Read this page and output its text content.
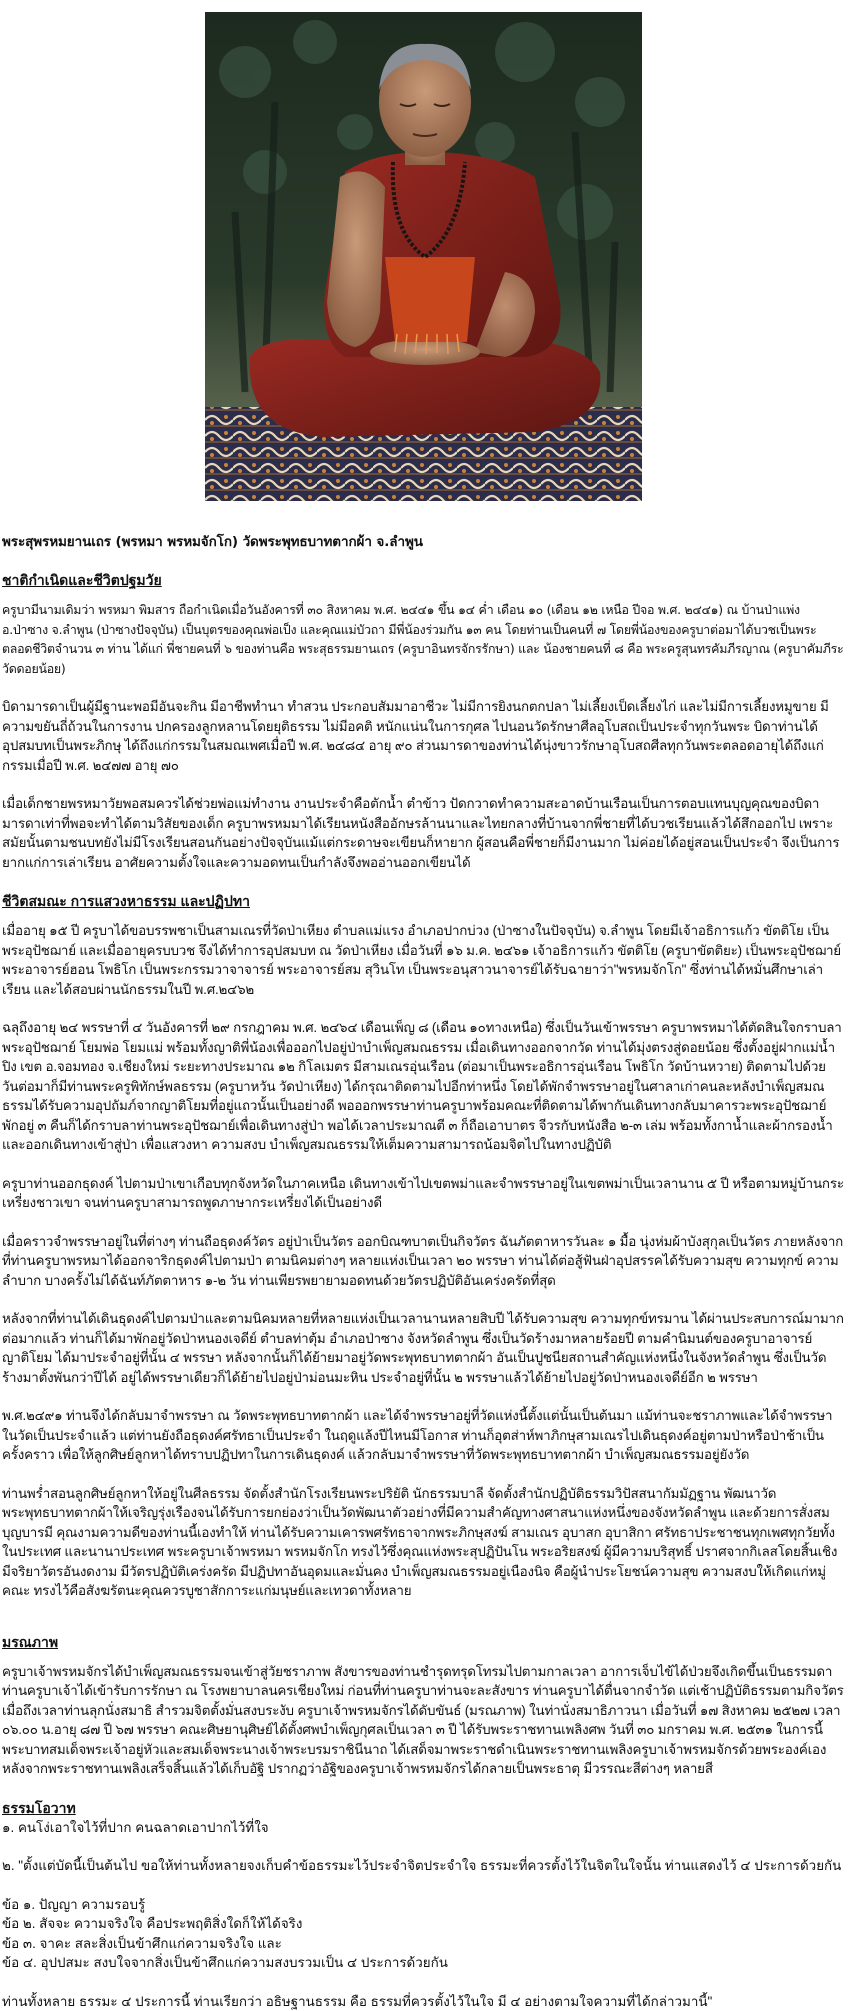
พระสุพรหมยานเถร (พรหมา พรหมจักโก) วัดพระพุทธบาทตากผ้า จ.ลำพูน
ชาติกำเนิดและชีวิตปฐมวัย

ครูบามีนามเดิมว่า พรหมา พิมสาร ถือกำเนิดเมื่อวันอังคารที่ ๓๐ สิงหาคม พ.ศ. ๒๔๔๑ ขึ้น ๑๔ ค่ำ เดือน ๑๐ (เดือน ๑๒ เหนือ ปีจอ พ.ศ. ๒๔๔๑) ณ บ้านป่าแพ่ง อ.ป่าซาง จ.ลำพูน (ป่าซางปัจจุบัน) เป็นบุตรของคุณพ่อเป็ง และคุณแม่บัวถา มีพี่น้องร่วมกัน ๑๓ คน โดยท่านเป็นคนที่ ๗ โดยพี่น้องของครูบาต่อมาได้บวชเป็นพระตลอดชีวิตจำนวน ๓ ท่าน ได้แก่ พี่ชายคนที่ ๖ ของท่านคือ พระสุธรรมยานเถร (ครูบาอินทรจักรรักษา) และ น้องชายคนที่ ๘ คือ พระครูสุนทรคัมภีรญาณ (ครูบาคัมภีระ วัดดอยน้อย)

บิดามารดาเป็นผู้มีฐานะพอมีอันจะกิน มีอาชีพทำนา ทำสวน ประกอบสัมมาอาชีวะ ไม่มีการยิงนกตกปลา ไม่เลี้ยงเป็ดเลี้ยงไก่ และไม่มีการเลี้ยงหมูขาย มีความขยันถี่ถ้วนในการงาน ปกครองลูกหลานโดยยุติธรรม ไม่มีอคติ หนักแน่นในการกุศล ไปนอนวัดรักษาศีลอุโบสถเป็นประจำทุกวันพระ บิดาท่านได้อุปสมบทเป็นพระภิกษุ ได้ถึงแก่กรรมในสมณเพศเมื่อปี พ.ศ. ๒๔๘๔ อายุ ๙๐ ส่วนมารดาของท่านได้นุ่งขาวรักษาอุโบสถศีลทุกวันพระตลอดอายุได้ถึงแก่กรรมเมื่อปี พ.ศ. ๒๔๗๗ อายุ ๗๐

เมื่อเด็กชายพรหมาวัยพอสมควรได้ช่วยพ่อแม่ทำงาน งานประจำคือตักน้ำ ตำข้าว ปัดกวาดทำความสะอาดบ้านเรือนเป็นการตอบแทนบุญคุณของบิดามารดาเท่าที่พอจะทำได้ตามวิสัยของเด็ก ครูบาพรหมมาได้เรียนหนังสืออักษรล้านนาและไทยกลางที่บ้านจากพี่ชายที่ได้บวชเรียนแล้วได้สึกออกไป เพราะสมัยนั้นตามชนบทยังไม่มีโรงเรียนสอนกันอย่างปัจจุบันแม้แต่กระดาษจะเขียนก็หายาก ผู้สอนคือพี่ชายก็มีงานมาก ไม่ค่อยได้อยู่สอนเป็นประจำ จึงเป็นการยากแก่การเล่าเรียน อาศัยความตั้งใจและความอดทนเป็นกำลังจึงพออ่านออกเขียนได้

ชีวิตสมณะ การแสวงหาธรรม และปฏิปทา

เมื่ออายุ ๑๕ ปี ครูบาได้ขอบรรพชาเป็นสามเณรที่วัดป่าเหียง ตำบลแม่แรง อำเภอปากบ่วง (ป่าซางในปัจจุบัน) จ.ลำพูน โดยมีเจ้าอธิการแก้ว ขัตติโย เป็นพระอุปัชฌาย์ และเมื่ออายุครบบวช จึงได้ทำการอุปสมบท ณ วัดป่าเหียง เมื่อวันที่ ๑๖ ม.ค. ๒๔๖๑ เจ้าอธิการแก้ว ขัตติโย (ครูบาขัตติยะ) เป็นพระอุปัชฌาย์ พระอาจารย์ฮอน โพธิโก เป็นพระกรรมวาจาจารย์ พระอาจารย์สม สุวินโท เป็นพระอนุสาวนาจารย์ได้รับฉายาว่า"พรหมจักโก" ซึ่งท่านได้หมั่นศึกษาเล่าเรียน และได้สอบผ่านนักธรรมในปี พ.ศ.๒๔๖๒

ฉลุถึงอายุ ๒๔ พรรษาที่ ๔ วันอังคารที่ ๒๙ กรกฎาคม พ.ศ. ๒๔๖๔ เดือนเพ็ญ ๘ (เดือน ๑๐ทางเหนือ) ซึ่งเป็นวันเข้าพรรษา ครูบาพรหมาได้ตัดสินใจกราบลาพระอุปัชฌาย์ โยมพ่อ โยมแม่ พร้อมทั้งญาติพี่น้องเพื่อออกไปอยู่ป่าบำเพ็ญสมณธรรม เมื่อเดินทางออกจากวัด ท่านได้มุ่งตรงสู่ดอยน้อย ซึ่งตั้งอยู่ฝากแม่น้ำปิง เขต อ.จอมทอง จ.เชียงใหม่ ระยะทางประมาณ ๑๒ กิโลเมตร มีสามเณรอุ่นเรือน (ต่อมาเป็นพระอธิการอุ่นเรือน โพธิโก วัดบ้านหวาย) ติดตามไปด้วย วันต่อมาก็มีท่านพระครูพิทักษ์พลธรรม (ครูบาหวัน วัดป่าเหียง) ได้กรุณาติดตามไปอีกท่าหนึ่ง โดยได้พักจำพรรษาอยู่ในศาลาเก่าคนละหลังบำเพ็ญสมณธรรมได้รับความอุปถัมภ์จากญาติโยมที่อยู่แถวนั้นเป็นอย่างดี พอออกพรรษาท่านครูบาพร้อมคณะที่ติดตามได้พากันเดินทางกลับมาคารวะพระอุปัชฌาย์ พักอยู่ ๓ คืนก็ได้กราบลาท่านพระอุปัชฌาย์เพื่อเดินทางสู่ป่า พอได้เวลาประมาณตี ๓ ก็ถือเอาบาตร จีวรกับหนังสือ ๒-๓ เล่ม พร้อมทั้งกาน้ำและผ้ากรองน้ำและออกเดินทางเข้าสู่ป่า เพื่อแสวงหา ความสงบ บำเพ็ญสมณธรรมให้เต็มความสามารถน้อมจิตไปในทางปฏิบัติ

ครูบาท่านออกธุดงค์ ไปตามป่าเขาเกือบทุกจังหวัดในภาคเหนือ เดินทางเข้าไปเขตพม่าและจำพรรษาอยู่ในเขตพม่าเป็นเวลานาน ๕ ปี หรือตามหมู่บ้านกระเหรี่ยงชาวเขา จนท่านครูบาสามารถพูดภาษากระเหรี่ยงได้เป็นอย่างดี

เมื่อคราวจำพรรษาอยู่ในที่ต่างๆ ท่านถือธุดงค์วัตร อยู่ป่าเป็นวัตร ออกบิณฑบาตเป็นกิจวัตร ฉันภัตตาหารวันละ ๑ มื้อ นุ่งห่มผ้าบังสุกุลเป็นวัตร ภายหลังจากที่ท่านครูบาพรหมาได้ออกจาริกธุดงค์ไปตามป่า ตามนิคมต่างๆ หลายแห่งเป็นเวลา ๒๐ พรรษา ท่านได้ต่อสู้ฟันฝ่าอุปสรรคได้รับความสุข ความทุกข์ ความลำบาก บางครั้งไม่ได้ฉันท์ภัตตาหาร ๑-๒ วัน ท่านเพียรพยายามอดทนด้วยวัตรปฏิบัติอันเคร่งครัดที่สุด

หลังจากที่ท่านได้เดินธุดงค์ไปตามป่าและตามนิคมหลายที่หลายแห่งเป็นเวลานานหลายสิบปี ได้รับความสุข ความทุกข์ทรมาน ได้ผ่านประสบการณ์มามากต่อมากแล้ว ท่านก็ได้มาพักอยู่วัดป่าหนองเจดีย์ ตำบลท่าตุ้ม อำเภอป่าซาง จังหวัดลำพูน ซึ่งเป็นวัดร้างมาหลายร้อยปี ตามคำนิมนต์ของครูบาอาจารย์ญาติโยม ได้มาประจำอยู่ที่นั้น ๔ พรรษา หลังจากนั้นก็ได้ย้ายมาอยู่วัดพระพุทธบาทตากผ้า อันเป็นปูชนียสถานสำคัญแห่งหนึ่งในจังหวัดลำพูน ซึ่งเป็นวัดร้างมาตั้งพันกว่าปีได้ อยู่ได้พรรษาเดียวก็ได้ย้ายไปอยู่ป่าม่อนมะหิน ประจำอยู่ที่นั้น ๒ พรรษาแล้วได้ย้ายไปอยู่วัดป่าหนองเจดีย์อีก ๒ พรรษา

พ.ศ.๒๔๙๑ ท่านจึงได้กลับมาจำพรรษา ณ วัดพระพุทธบาทตากผ้า และได้จำพรรษาอยู่ที่วัดแห่งนี้ตั้งแต่นั้นเป็นต้นมา แม้ท่านจะชราภาพและได้จำพรรษาในวัดเป็นประจำแล้ว แต่ท่านยังถือธุดงค์ศรัทธาเป็นประจำ ในฤดูแล้งปีไหนมีโอกาส ท่านก็อุตส่าห์พาภิกษุสามเณรไปเดินธุดงค์อยู่ตามป่าหรือป่าช้าเป็นครั้งคราว เพื่อให้ลูกศิษย์ลูกหาได้ทราบปฏิปทาในการเดินธุดงค์ แล้วกลับมาจำพรรษาที่วัดพระพุทธบาทตากผ้า บำเพ็ญสมณธรรมอยู่ยังวัด

ท่านพร่ำสอนลูกศิษย์ลูกหาให้อยู่ในศีลธรรม จัดตั้งสำนักโรงเรียนพระปริยัติ นักธรรมบาลี จัดตั้งสำนักปฏิบัติธรรมวิปัสสนากัมมัฏฐาน พัฒนาวัดพระพุทธบาทตากผ้าให้เจริญรุ่งเรืองจนได้รับการยกย่องว่าเป็นวัดพัฒนาตัวอย่างที่มีความสำคัญทางศาสนาแห่งหนึ่งของจังหวัดลำพูน และด้วยการสั่งสมบุญบารมี คุณงามความดีของท่านนี้เองทำให้ ท่านได้รับความเคารพศรัทธาจากพระภิกษุสงฆ์ สามเณร อุบาสก อุบาสิกา ศรัทธาประชาชนทุกเพศทุกวัยทั้งในประเทศ และนานาประเทศ พระครูบาเจ้าพรหมา พรหมจักโก ทรงไว้ซึ่งคุณแห่งพระสุปฏิปันโน พระอริยสงฆ์ ผู้มีความบริสุทธิ์ ปราศจากกิเลสโดยสิ้นเชิง มีจริยาวัตรอันงดงาม มีวัตรปฏิบัติเคร่งครัด มีปฏิปทาอันอุดมและมั่นคง บำเพ็ญสมณธรรมอยู่เนืองนิจ คือผู้นำประโยชน์ความสุข ความสงบให้เกิดแก่หมู่คณะ ทรงไว้คือสังฆรัตนะคุณควรบูชาสักการะแก่มนุษย์และเทวดาทั้งหลาย

มรณภาพ

ครูบาเจ้าพรหมจักรได้บำเพ็ญสมณธรรมจนเข้าสู่วัยชราภาพ สังขารของท่านชำรุดทรุดโทรมไปตามกาลเวลา อาการเจ็บไข้ได้ป่วยจึงเกิดขึ้นเป็นธรรมดา ท่านครูบาเจ้าได้เข้ารับการรักษา ณ โรงพยาบาลนครเชียงใหม่ ก่อนที่ท่านครูบาท่านจะละสังขาร ท่านครูบาได้ตื่นจากจำวัด แต่เช้าปฏิบัติธรรมตามกิจวัตร เมื่อถึงเวลาท่านลุกนั่งสมาธิ สำรวมจิตตั้งมั่นสงบระงับ ครูบาเจ้าพรหมจักรได้ดับขันธ์ (มรณภาพ) ในท่านั่งสมาธิภาวนา เมื่อวันที่ ๑๗ สิงหาคม ๒๕๒๗ เวลา ๐๖.๐๐ น.อายุ ๘๗ ปี ๖๗ พรรษา คณะศิษยานุศิษย์ได้ตั้งศพบำเพ็ญกุศลเป็นเวลา ๓ ปี ได้รับพระราชทานเพลิงศพ วันที่ ๓๐ มกราคม พ.ศ. ๒๕๓๑ ในการนี้ พระบาทสมเด็จพระเจ้าอยู่หัวและสมเด็จพระนางเจ้าพระบรมราชินีนาถ ได้เสด็จมาพระราชดำเนินพระราชทานเพลิงครูบาเจ้าพรหมจักรด้วยพระองค์เอง หลังจากพระราชทานเพลิงเสร็จสิ้นแล้วได้เก็บอัฐิ ปรากฏว่าอัฐิของครูบาเจ้าพรหมจักรได้กลายเป็นพระธาตุ มีวรรณะสีต่างๆ หลายสี

ธรรมโอวาท

๑. คนโง่เอาใจไว้ที่ปาก คนฉลาดเอาปากไว้ที่ใจ

๒. "ตั้งแต่บัดนี้เป็นต้นไป ขอให้ท่านทั้งหลายจงเก็บคำข้อธรรมะไว้ประจำจิตประจำใจ ธรรมะที่ควรตั้งไว้ในจิตในใจนั้น ท่านแสดงไว้ ๔ ประการด้วยกัน

ข้อ ๑. ปัญญา ความรอบรู้

ข้อ ๒. สัจจะ ความจริงใจ คือประพฤติสิ่งใดก็ให้ได้จริง

ข้อ ๓. จาคะ สละสิ่งเป็นข้าศึกแก่ความจริงใจ และ

ข้อ ๔. อุปปสมะ สงบใจจากสิ่งเป็นข้าศึกแก่ความสงบรวมเป็น ๔ ประการด้วยกัน

ท่านทั้งหลาย ธรรมะ ๔ ประการนี้ ท่านเรียกว่า อธิษฐานธรรม คือ ธรรมที่ควรตั้งไว้ในใจ มี ๔ อย่างตามใจความที่ได้กล่าวมานี้"
